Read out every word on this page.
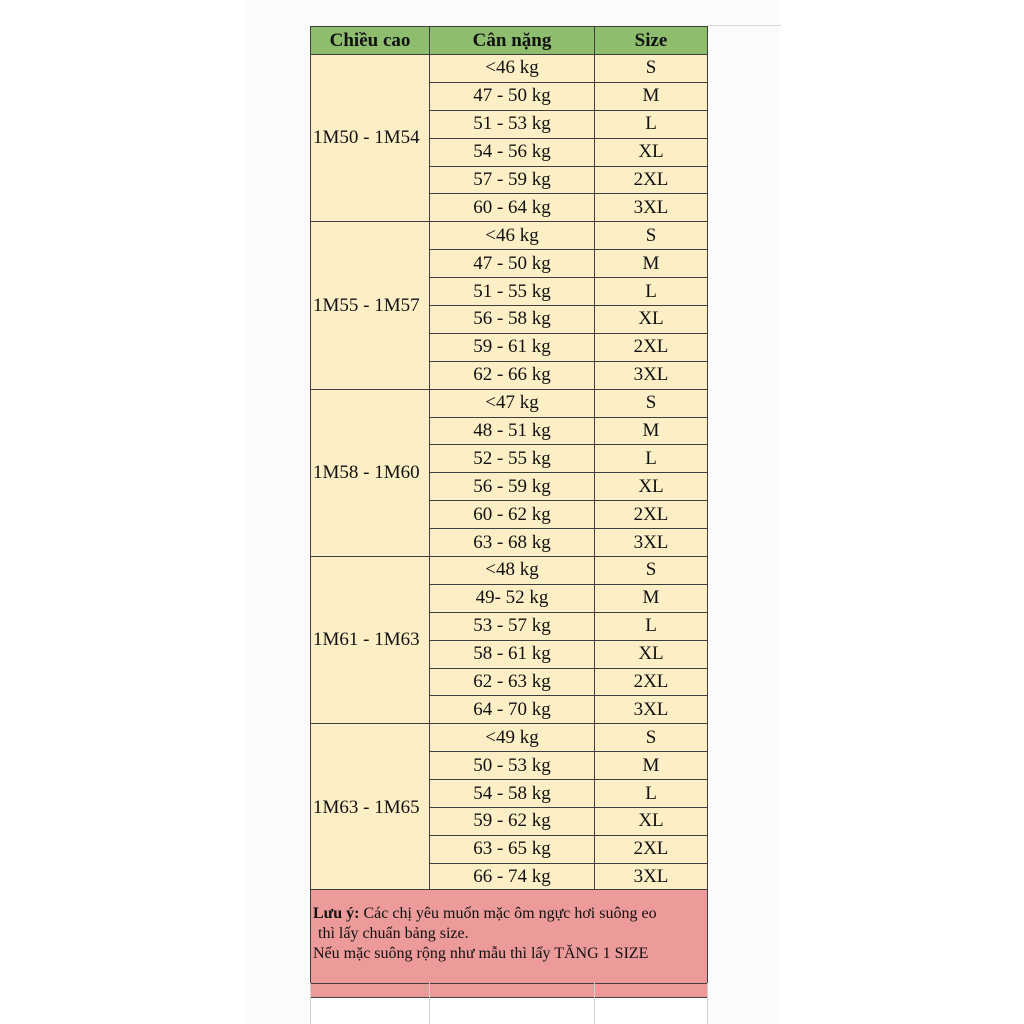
Chiều cao	Cân nặng	Size
1M50 - 1M54	<46 kg	S
	47 - 50 kg	M
	51 - 53 kg	L
	54 - 56 kg	XL
	57 - 59 kg	2XL
	60 - 64 kg	3XL
1M55 - 1M57	<46 kg	S
	47 - 50 kg	M
	51 - 55 kg	L
	56 - 58 kg	XL
	59 - 61 kg	2XL
	62 - 66 kg	3XL
1M58 - 1M60	<47 kg	S
	48 - 51 kg	M
	52 - 55 kg	L
	56 - 59 kg	XL
	60 - 62 kg	2XL
	63 - 68 kg	3XL
1M61 - 1M63	<48 kg	S
	49- 52 kg	M
	53 - 57 kg	L
	58 - 61 kg	XL
	62 - 63 kg	2XL
	64 - 70 kg	3XL
1M63 - 1M65	<49 kg	S
	50 - 53 kg	M
	54 - 58 kg	L
	59 - 62 kg	XL
	63 - 65 kg	2XL
	66 - 74 kg	3XL
Lưu ý: Các chị yêu muốn mặc ôm ngực hơi suông eo
thì lấy chuẩn bảng size.
Nếu mặc suông rộng như mẫu thì lấy TĂNG 1 SIZE
